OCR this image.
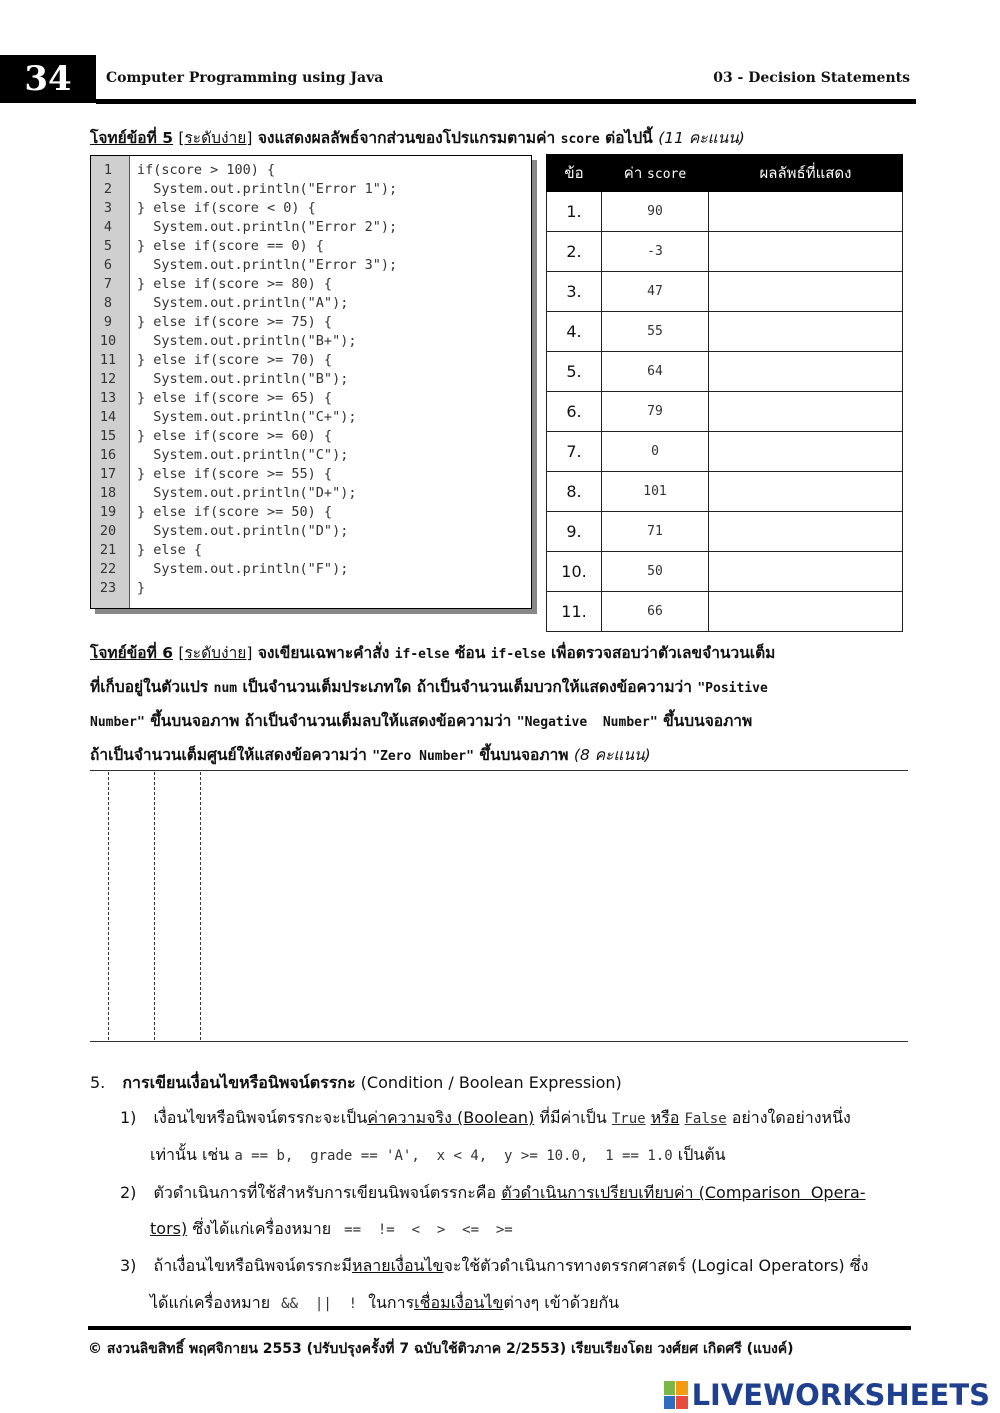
34	Computer Programming using Java	03 - Decision Statements
โจทย์ข้อที่ 5 [ระดับง่าย] จงแสดงผลลัพธ์จากส่วนของโปรแกรมตามค่า score ต่อไปนี้ (11 คะแนน)
1	if(score > 100) {
2	System.out.println("Error 1");
3	} else if(score < 0) {
4	System.out.println("Error 2");
5	} else if(score == 0) {
6	System.out.println("Error 3");
7	} else if(score >= 80) {
8	System.out.println("A");
9	} else if(score >= 75) {
10	System.out.println("B+");
11	} else if(score >= 70) {
12	System.out.println("B");
13	} else if(score >= 65) {
14	System.out.println("C+");
15	} else if(score >= 60) {
16	System.out.println("C");
17	} else if(score >= 55) {
18	System.out.println("D+");
19	} else if(score >= 50) {
20	System.out.println("D");
21	} else {
22	System.out.println("F");
23	}
ข้อ	ค่า score	ผลลัพธ์ที่แสดง
1.	90	
2.	-3	
3.	47	
4.	55	
5.	64	
6.	79	
7.	0	
8.	101	
9.	71	
10.	50	
11.	66	
โจทย์ข้อที่ 6 [ระดับง่าย] จงเขียนเฉพาะคำสั่ง if-else ซ้อน if-else เพื่อตรวจสอบว่าตัวเลขจำนวนเต็ม
ที่เก็บอยู่ในตัวแปร num เป็นจำนวนเต็มประเภทใด ถ้าเป็นจำนวนเต็มบวกให้แสดงข้อความว่า "Positive
Number" ขึ้นบนจอภาพ ถ้าเป็นจำนวนเต็มลบให้แสดงข้อความว่า "Negative  Number" ขึ้นบนจอภาพ
ถ้าเป็นจำนวนเต็มศูนย์ให้แสดงข้อความว่า "Zero Number" ขึ้นบนจอภาพ (8 คะแนน)
5. การเขียนเงื่อนไขหรือนิพจน์ตรรกะ (Condition / Boolean Expression)
1) เงื่อนไขหรือนิพจน์ตรรกะจะเป็นค่าความจริง (Boolean) ที่มีค่าเป็น True หรือ False อย่างใดอย่างหนึ่ง
เท่านั้น เช่น a == b,  grade == 'A',  x < 4,  y >= 10.0,  1 == 1.0 เป็นต้น
2) ตัวดำเนินการที่ใช้สำหรับการเขียนนิพจน์ตรรกะคือ ตัวดำเนินการเปรียบเทียบค่า (Comparison  Opera-
tors) ซึ่งได้แก่เครื่องหมาย ==  !=  <  >  <=  >=
3) ถ้าเงื่อนไขหรือนิพจน์ตรรกะมีหลายเงื่อนไขจะใช้ตัวดำเนินการทางตรรกศาสตร์ (Logical Operators) ซึ่ง
ได้แก่เครื่องหมาย &&  ||  ! ในการเชื่อมเงื่อนไขต่างๆ เข้าด้วยกัน
© สงวนลิขสิทธิ์ พฤศจิกายน 2553 (ปรับปรุงครั้งที่ 7 ฉบับใช้ติวภาค 2/2553) เรียบเรียงโดย วงศ์ยศ เกิดศรี (แบงค์)
LIVEWORKSHEETS
